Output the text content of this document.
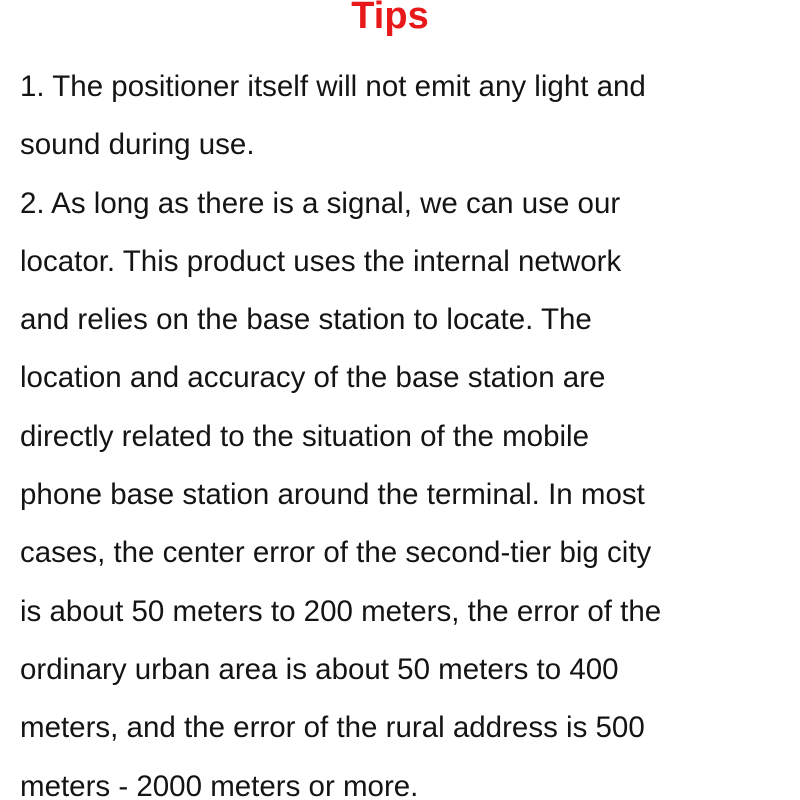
Tips
1. The positioner itself will not emit any light and
sound during use.
2. As long as there is a signal, we can use our
locator. This product uses the internal network
and relies on the base station to locate. The
location and accuracy of the base station are
directly related to the situation of the mobile
phone base station around the terminal. In most
cases, the center error of the second-tier big city
is about 50 meters to 200 meters, the error of the
ordinary urban area is about 50 meters to 400
meters, and the error of the rural address is 500
meters - 2000 meters or more.
